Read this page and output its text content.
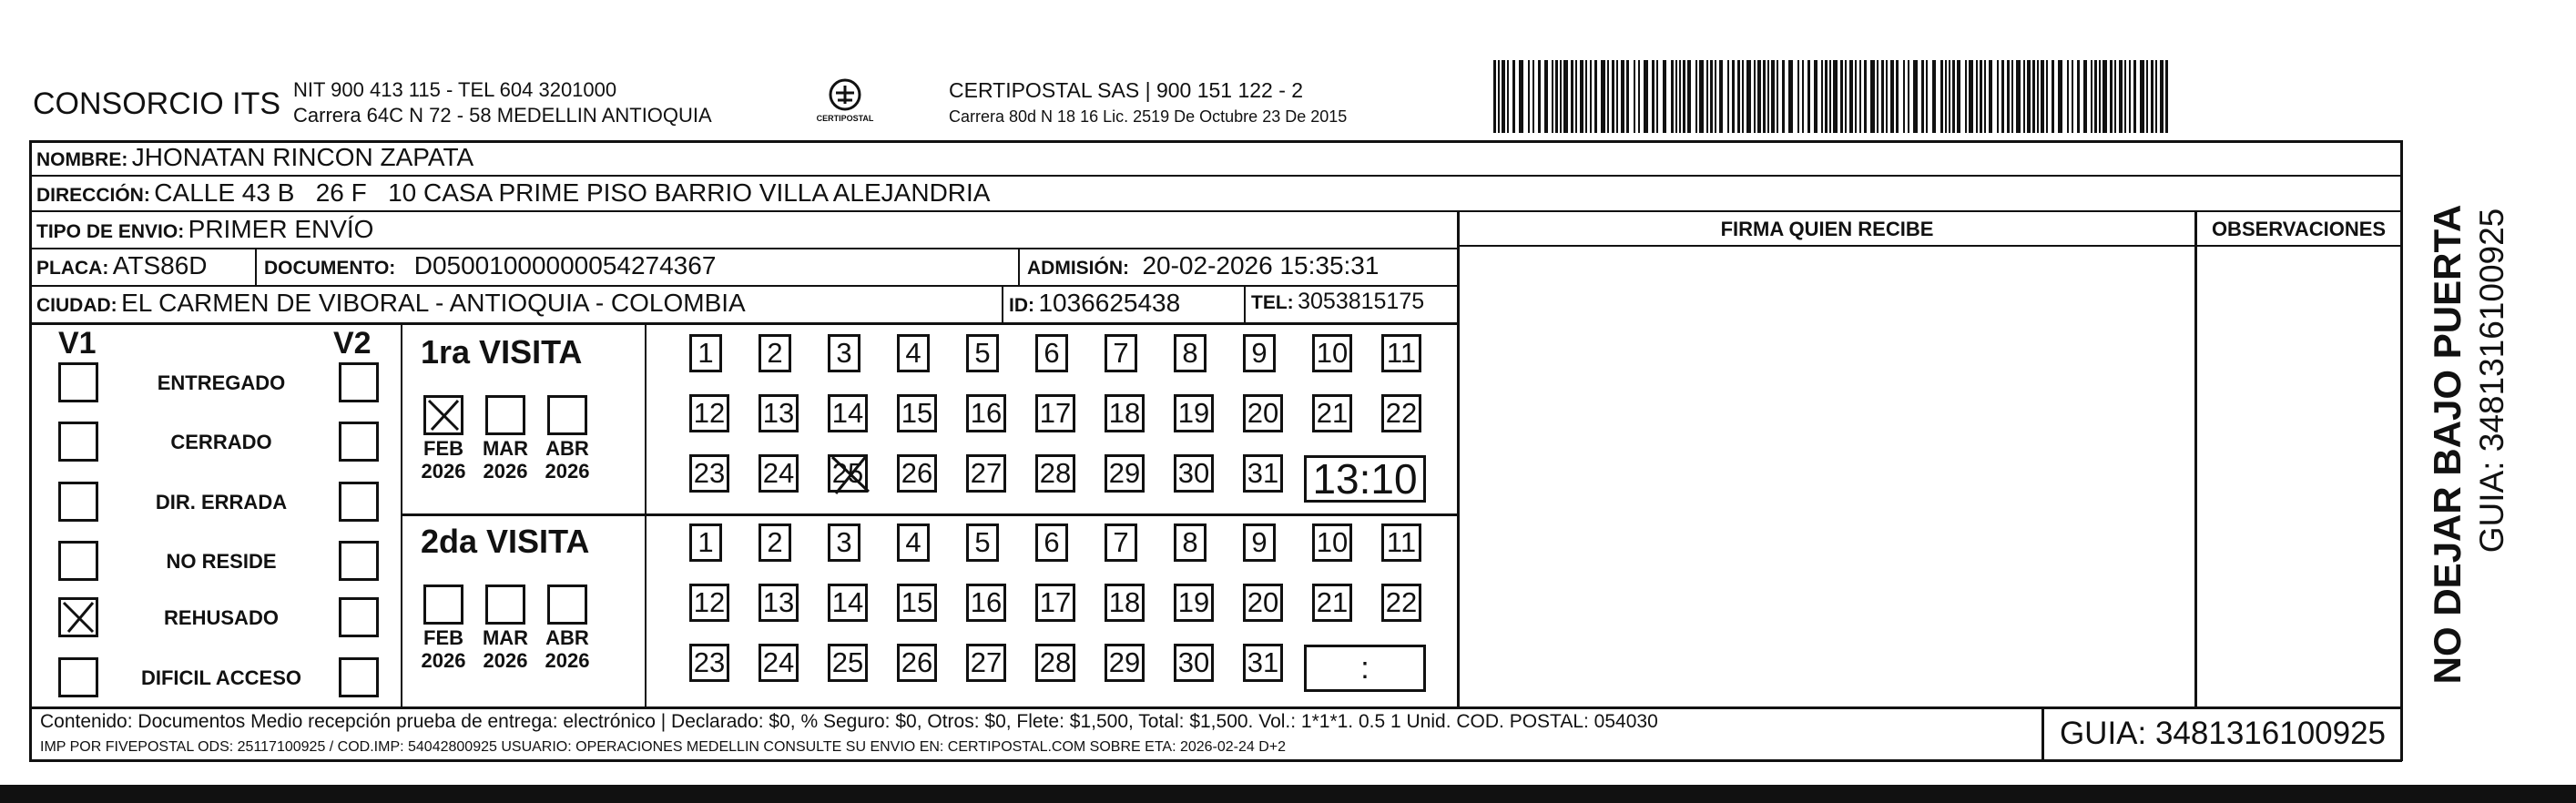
CONSORCIO ITS NIT 900 413 115 - TEL 604 3201000
Carrera 64C N 72 - 58 MEDELLIN ANTIOQUIA	CERTIPOSTAL
CERTIPOSTAL SAS | 900 151 122 - 2
Carrera 80d N 18 16 Lic. 2519 De Octubre 23 De 2015
NOMBRE: JHONATAN RINCON ZAPATA
DIRECCIÓN: CALLE 43 B   26 F   10 CASA PRIME PISO BARRIO VILLA ALEJANDRIA
TIPO DE ENVIO: PRIMER ENVÍO	FIRMA QUIEN RECIBE	OBSERVACIONES
PLACA: ATS86D	DOCUMENTO: D05001000000054274367	ADMISIÓN: 20-02-2026 15:35:31
CIUDAD: EL CARMEN DE VIBORAL - ANTIOQUIA - COLOMBIA	ID: 1036625438	TEL: 3053815175
V1	V2
ENTREGADO
CERRADO
DIR. ERRADA
NO RESIDE
REHUSADO
DIFICIL ACCESO
1ra VISITA
FEB
2026
MAR
2026
ABR
2026
1	2	3	4	5	6	7	8	9	10 11
12 13 14 15 16 17 18 19 20 21 22
23 24 25 26 27 28 29 30 31 13:10
2da VISITA
FEB
2026
MAR
2026
ABR
2026
1	2	3	4	5	6	7	8	9	10 11
12 13 14 15 16 17 18 19 20 21 22
23 24 25 26 27 28 29 30 31	:
Contenido: Documentos Medio recepción prueba de entrega: electrónico | Declarado: $0, % Seguro: $0, Otros: $0, Flete: $1,500, Total: $1,500. Vol.: 1*1*1. 0.5 1 Unid. COD. POSTAL: 054030
IMP POR FIVEPOSTAL ODS: 25117100925 / COD.IMP: 54042800925 USUARIO: OPERACIONES MEDELLIN CONSULTE SU ENVIO EN: CERTIPOSTAL.COM SOBRE ETA: 2026-02-24 D+2	GUIA: 3481316100925
NO DEJAR BAJO PUERTA GUIA: 3481316100925
